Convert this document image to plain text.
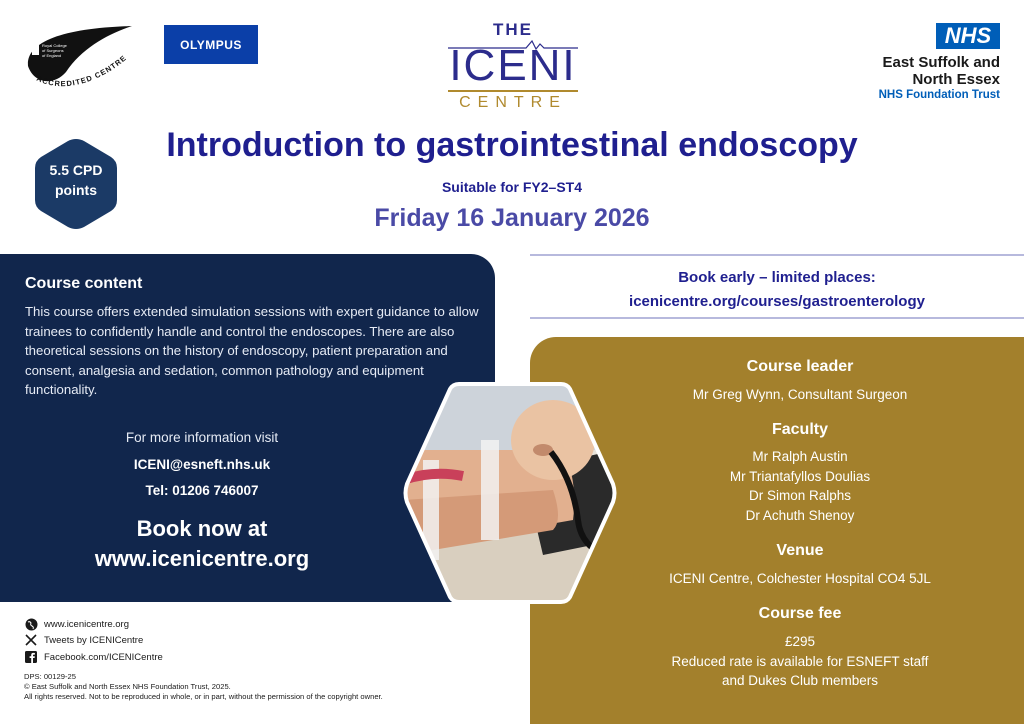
Royal College
of Surgeons
of England
ACCREDITED CENTRE
OLYMPUS
THE
ICENI
CENTRE
NHS
East Suffolk and
North Essex
NHS Foundation Trust
5.5 CPD
points
Introduction to gastrointestinal endoscopy
Suitable for FY2–ST4
Friday 16 January 2026
Course content
This course offers extended simulation sessions with expert guidance to allow trainees to confidently handle and control the endoscopes. There are also theoretical sessions on the history of endoscopy, patient preparation and consent, analgesia and sedation, common pathology and equipment functionality.
For more information visit
ICENI@esneft.nhs.uk
Tel: 01206 746007
Book now at
www.icenicentre.org
Book early – limited places:
icenicentre.org/courses/gastroenterology
Course leader
Mr Greg Wynn, Consultant Surgeon
Faculty
Mr Ralph Austin
Mr Triantafyllos Doulias
Dr Simon Ralphs
Dr Achuth Shenoy
Venue
ICENI Centre, Colchester Hospital CO4 5JL
Course fee
£295
Reduced rate is available for ESNEFT staff
and Dukes Club members
www.icenicentre.org
Tweets by ICENICentre
Facebook.com/ICENICentre
DPS: 00129-25
© East Suffolk and North Essex NHS Foundation Trust, 2025.
All rights reserved. Not to be reproduced in whole, or in part, without the permission of the copyright owner.
